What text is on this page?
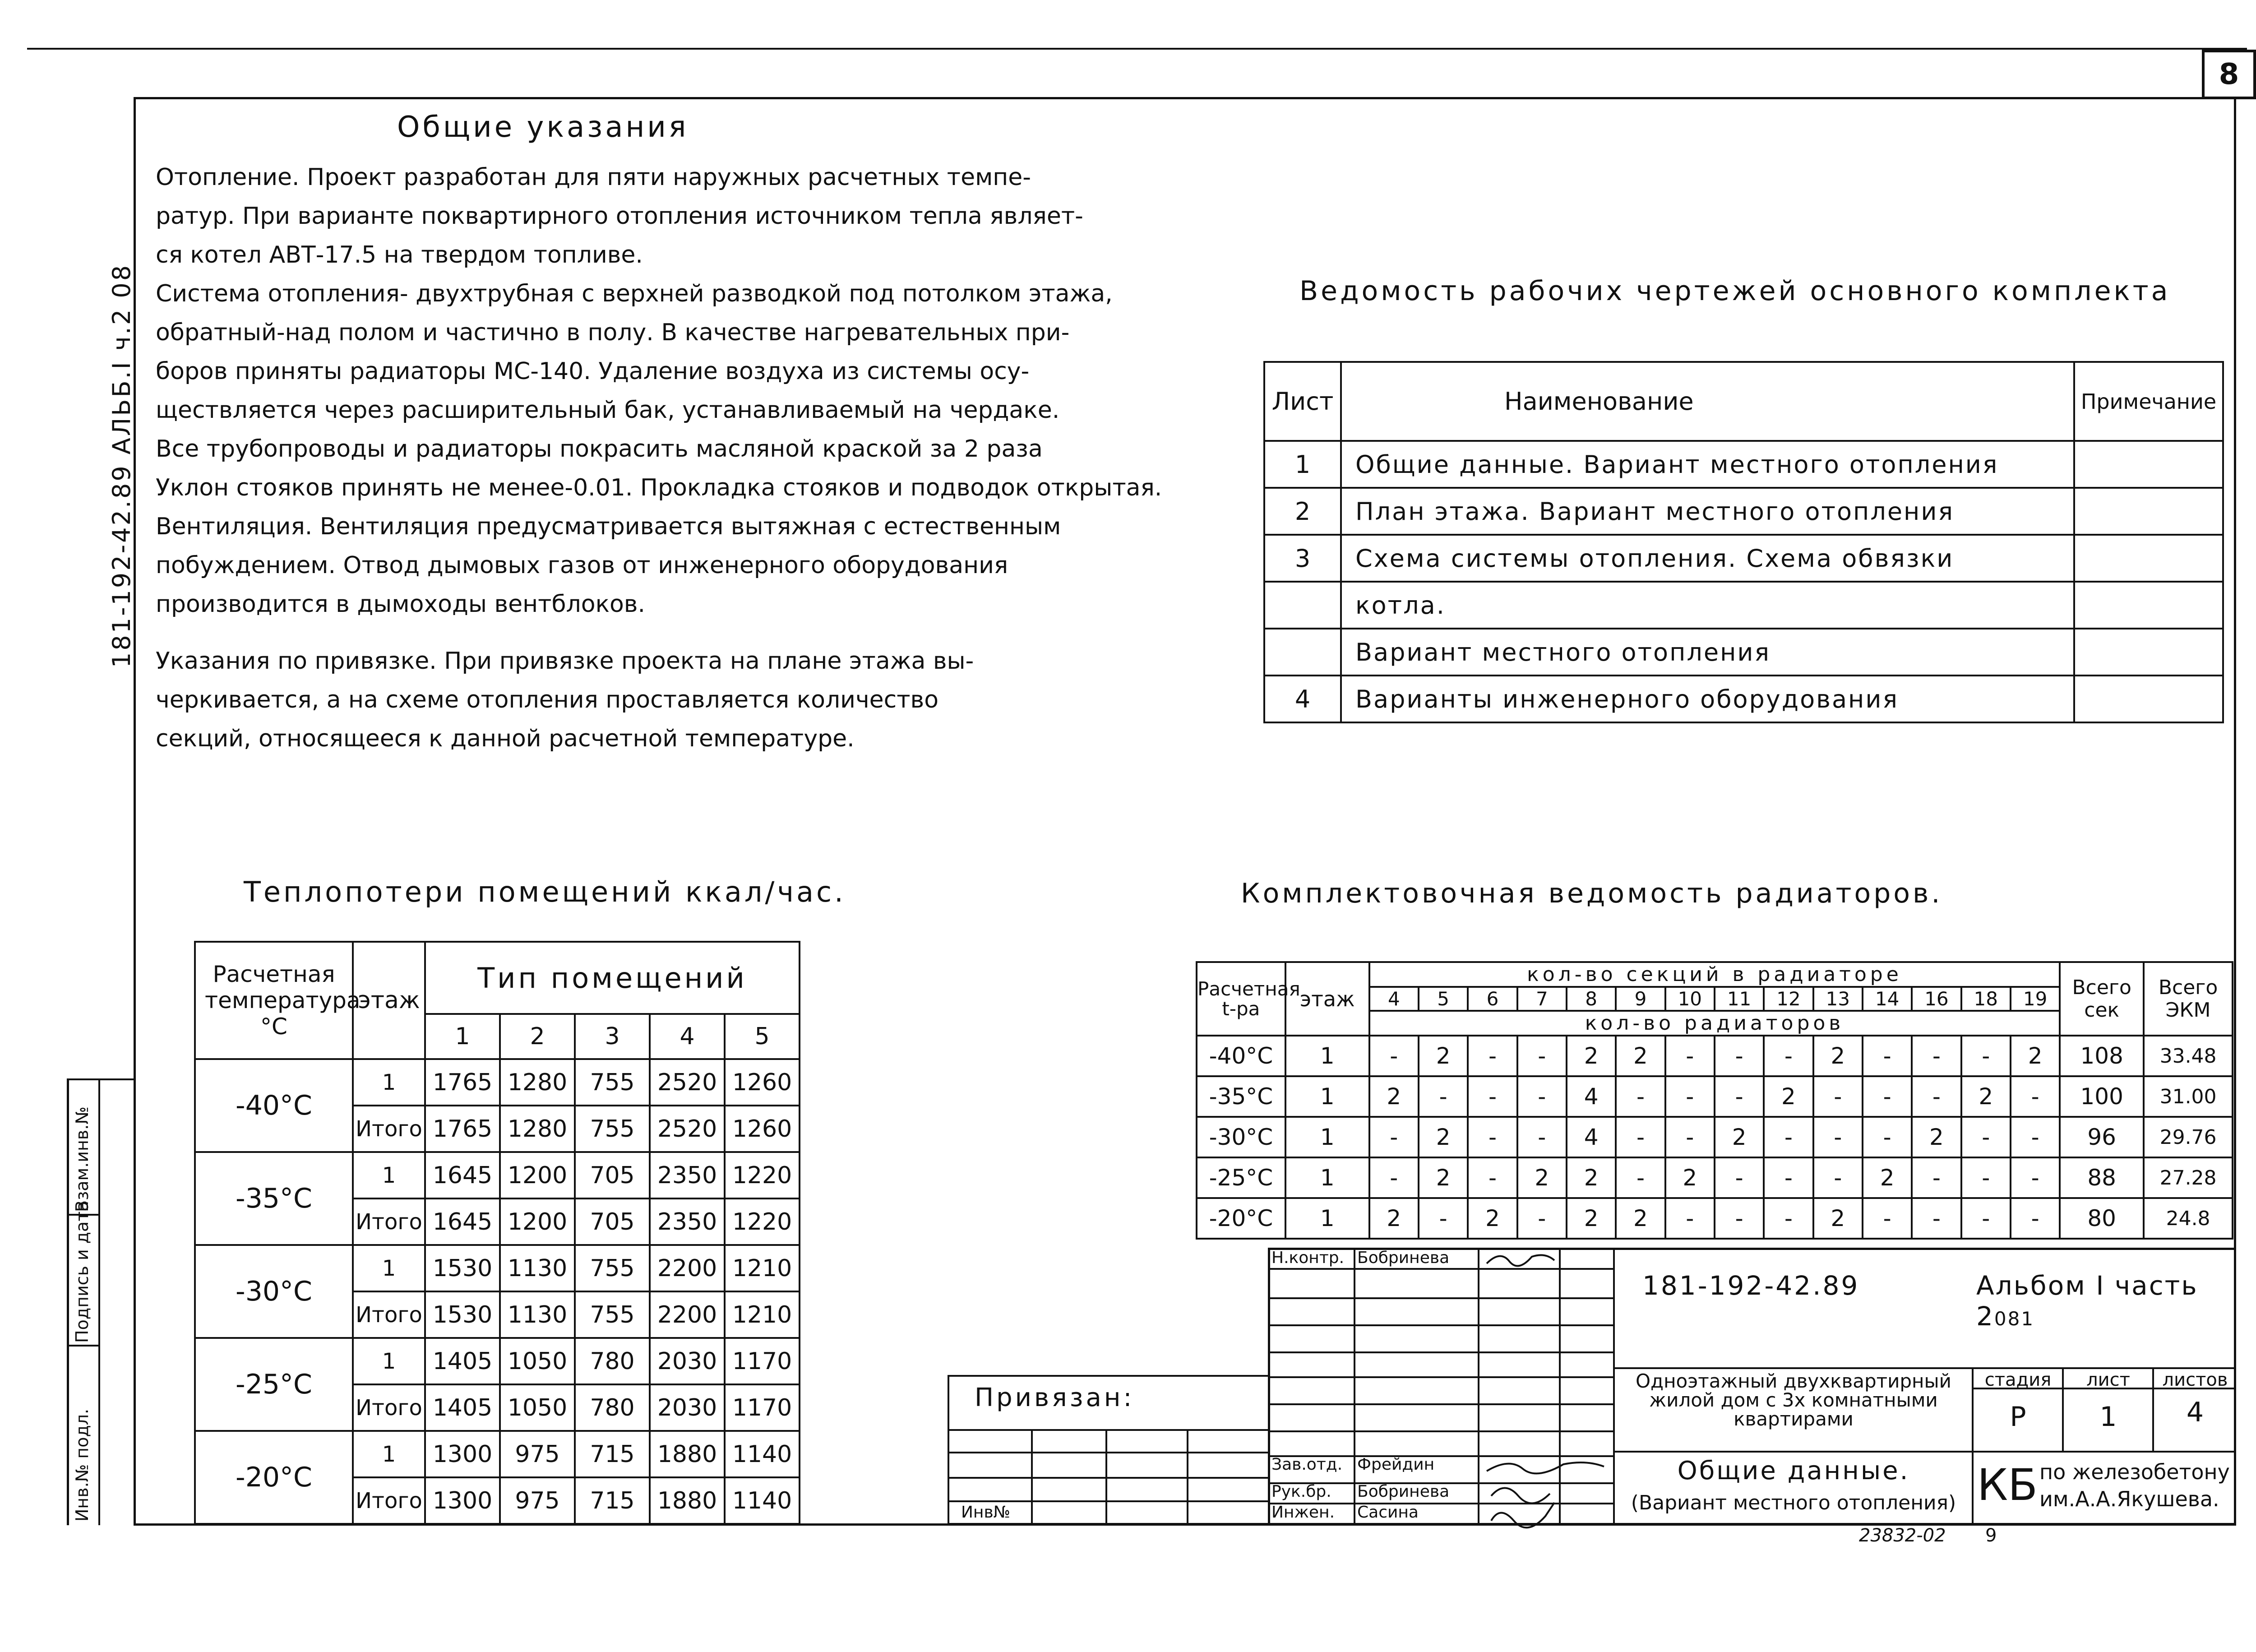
8
181-192-42.89 АЛЬБ.I ч.2 08
Взам.инв.№
Подпись и дата
Инв.№ подл.
Общие указания
Отопление. Проект разработан для пяти наружных расчетных темпе-
ратур. При варианте поквартирного отопления источником тепла являет-
ся котел АВТ-17.5 на твердом топливе.
Система отопления- двухтрубная с верхней разводкой под потолком этажа,
обратный-над полом и частично в полу. В качестве нагревательных при-
боров приняты радиаторы МС-140. Удаление воздуха из системы осу-
ществляется через расширительный бак, устанавливаемый на чердаке.
Все трубопроводы и радиаторы покрасить масляной краской за 2 раза
Уклон стояков принять не менее-0.01. Прокладка стояков и подводок открытая.
Вентиляция. Вентиляция предусматривается вытяжная с естественным
побуждением. Отвод дымовых газов от инженерного оборудования
производится в дымоходы вентблоков.
Указания по привязке. При привязке проекта на плане этажа вы-
черкивается, а на схеме отопления проставляется количество
секций, относящееся к данной расчетной температуре.
Ведомость рабочих чертежей основного комплекта
Лист	Наименование	Примечание
1	Общие данные. Вариант местного отопления	
2	План этажа. Вариант местного отопления	
3	Схема системы отопления. Схема обвязки	
	котла.	
	Вариант местного отопления	
4	Варианты инженерного оборудования	
Теплопотери помещений ккал/час.
Расчетная температура °С	этаж	Тип помещений				
		1	2	3	4	5
-40°С	1	1765	1280	755	2520	1260
	Итого	1765	1280	755	2520	1260
-35°С	1	1645	1200	705	2350	1220
	Итого	1645	1200	705	2350	1220
-30°С	1	1530	1130	755	2200	1210
	Итого	1530	1130	755	2200	1210
-25°С	1	1405	1050	780	2030	1170
	Итого	1405	1050	780	2030	1170
-20°С	1	1300	975	715	1880	1140
	Итого	1300	975	715	1880	1140
Комплектовочная ведомость радиаторов.
Расчетная t-ра	этаж	кол-во секций в радиаторе														Всего сек	Всего ЭКМ
		4	5	6	7	8	9	10	11	12	13	14	16	18	19		
		кол-во радиаторов															
-40°С	1	-	2	-	-	2	2	-	-	-	2	-	-	-	2	108	33.48
-35°С	1	2	-	-	-	4	-	-	-	2	-	-	-	2	-	100	31.00
-30°С	1	-	2	-	-	4	-	-	2	-	-	-	2	-	-	96	29.76
-25°С	1	-	2	-	2	2	-	2	-	-	-	2	-	-	-	88	27.28
-20°С	1	2	-	2	-	2	2	-	-	-	2	-	-	-	-	80	24.8
Н.контр. Бобринева
181-192-42.89	Альбом I часть 2081
Привязан:
Инв№
Одноэтажный двухквартирный жилой дом с 3х комнатными квартирами
стадия	лист	листов
Р	1	4
Зав.отд. Фрейдин
Рук.бр. Бобринева
Инжен. Сасина
Общие данные.
(Вариант местного отопления) КБ по железобетону
им.А.А.Якушева.
23832-02 9
